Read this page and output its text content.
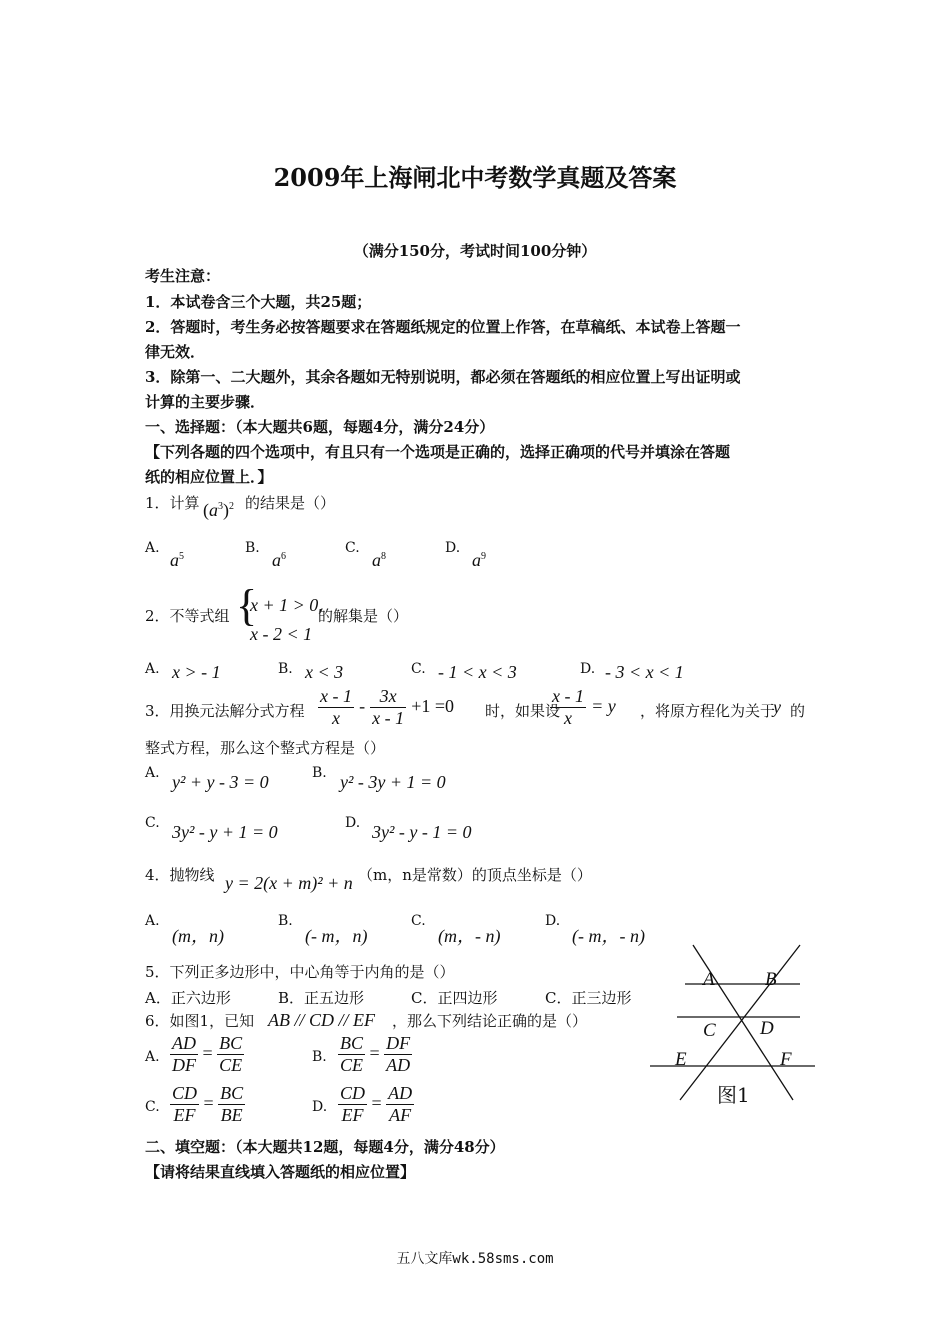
2009年上海闸北中考数学真题及答案
（满分150分，考试时间100分钟）
考生注意：
1．本试卷含三个大题，共25题；
2．答题时，考生务必按答题要求在答题纸规定的位置上作答，在草稿纸、本试卷上答题一
律无效．
3．除第一、二大题外，其余各题如无特别说明，都必须在答题纸的相应位置上写出证明或
计算的主要步骤．
一、选择题：（本大题共6题，每题4分，满分24分）
【下列各题的四个选项中，有且只有一个选项是正确的，选择正确项的代号并填涂在答题
纸的相应位置上．】
1．计算 $(a^3)^2$ 的结果是（）
A.
$a^5$
B.
$a^6$
C.
$a^8$
D.
$a^9$
2．不等式组 {
x + 1 > 0,
x - 2 < 1
的解集是（）
A. x > - 1	B. x < 3	C. - 1 < x < 3	D. - 3 < x < 1
3．用换元法解分式方程 $\frac{x - 1}{x} - \frac{3x}{x - 1} +1 =0$ 时，如果设
$\frac{x - 1}{x} = y$ ，将原方程化为关于
y 的
整式方程，那么这个整式方程是（）
A. y² + y - 3 = 0	B. y² - 3y + 1 = 0
C. 3y² - y + 1 = 0	D. 3y² - y - 1 = 0
4．抛物线 y = 2(x + m)² + n （m，n是常数）的顶点坐标是（）
A.
(m，n)
B.
(- m，n)
C.
(m，- n)
D.
(- m，- n)
5．下列正多边形中，中心角等于内角的是（）
A．正六边形	B．正五边形	C．正四边形	C．正三边形
6．如图1，已知 AB // CD // EF ，那么下列结论正确的是（）
A. $\frac{AD}{DF} = \frac{BC}{CE}$	B. $\frac{BC}{CE} = \frac{DF}{AD}$
C. $\frac{CD}{EF} = \frac{BC}{BE}$	D. $\frac{CD}{EF} = \frac{AD}{AF}$
A	B
C D
E	F
图1
二、填空题：（本大题共12题，每题4分，满分48分）
【请将结果直线填入答题纸的相应位置】
五八文库wk.58sms.com
